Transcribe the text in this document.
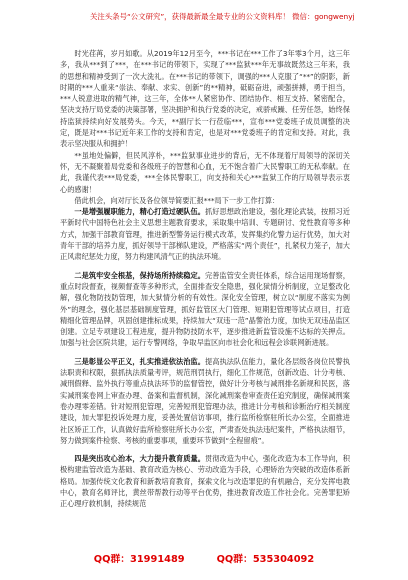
关注头条号“公文研究”，获得最新最全最专业的公文资料库！ 微信：gongwenyj

时光荏苒，岁月如歌。从2019年12月至今，***书记在***工作了3年零3个月，这三年多，我从***到了***，在***书记的带领下，实现了***监狱***年无事故既然这三年来，我的思想和精神受到了一次大洗礼。在***书记的带领下，调强的***人克服了“**”的阴影，新时期的***人重来“崇法、奉献、求实、创新”的**精神，砥砺奋进，顽强拼搏，勇于担当，***人锐意进取的精气神，这三年，全体**人紧密协作、团结协作、相互支持、紧密配合，坚决支持厅局党委的决策部署，坚决拥护和执行党委的决定，戒骄戒躁、任劳任怨，始终保持监狱持续向好发展势头。今天，**副厅长一行莅临***，宣布***党委班子成员调整的决定，既是对***书记近年来工作的支持和肯定，也是对***党委班子的肯定和支持。对此，我表示坚决服从和拥护！

**虽地处偏僻，但民风淳朴，***监狱事业进步的背后，无不体现着厅局领导的深切关怀，无不凝聚着局党委和各级班子的智慧和心血，无不饱含着广大民警职工的无私奉献。在此，我谨代表***局党委，***全体民警职工，向支持和关心***监狱工作的厅局领导表示衷心的感谢！

借此机会，向对厅长及各位领导简要汇报***局下一步工作打算：

一是增强履职能力，精心打造过硬队伍。抓好思想政治建设，强化理论武装，按照习近平新时代中国特色社会主义思想主题教育要求，采取集中培训、专题研讨、党性教育等多种方式，加强干部教育管理，推进新型警务运行模式改革，发挥集约化警力运行优势，加大对青年干部的培养力度，抓好领导干部梯队建设，严格落实“两个责任”，扎紧权力笼子，加大正风肃纪惩处力度，努力构建风清气正的执法环境。

二是筑牢安全根基，保持场所持续稳定。完善监管安全责任体系，综合运用现场督察，重点时段督查，视频督查等多种形式，全面排查安全隐患，强化狱情分析制度，立足整改化解，强化物防技防管理，加大狱情分析的有效性。深化安全管理，树立以“制度不落实为例外”的理念，强化基层基础制度管理，抓好监管区大门管理、短期犯管理等试点项目，打造精细化管理品牌，巩固创建推标成果，持续加大“双违一范”晶警治力度，加快无双违品监区创建。立足专项建设工程进度，提升物防技防水平，逐步推进新监管设施不达标的关押点。加强与社会区院共建，运行专警网络，争取早监区向市社会化和远程会诊联网新进展。

三是彰显公平正义，扎实推进依法治监。提高执法队伍能力，量化各层级各岗位民警执法职责和权限，狠抓执法质量考评，规范刑罚执行，细化工作规范，创新改造、计分考核、减刑假释、监外执行等重点执法环节的监督管控，做好计分考核与减刑排名新规和民医，落实减刑案卷网上审查办理、备案和监督机制，深化减刑案卷审查责任追究制度，确保减刑案卷办理零差错。针对短刑犯管理，完善短刑犯管理办法，推进计分考核和诊断治疗相关制度建设，加大罪犯投诉处理力度，妥善处置信访事项，推行监所检察驻所长办公室，全面推进社区矫正工作，认真做好监所检察驻所长办公室，严肃查处执法违纪案件，严格执法细节，努力做到案件检察、考核的重要事项，重要环节做到“全程留痕”。

四是突出攻心治本，大力提升教育质量。贯彻改造为中心，强化改造为本工作导向，积极构建监管改造为基础、教育改造为核心、劳动改造为手段，心理矫治为突破的改造体系新格局。加强传统文化教育和新教培育教育，探索文化与改造罪犯的有机融合，充分发挥电教中心，教育名师评比，黄丝带帮教行动等平台优势，推进教育改造工作社会化。完善罪犯矫正心理疗救机制，持续规范

QQ群：31991489	QQ群：535304092
